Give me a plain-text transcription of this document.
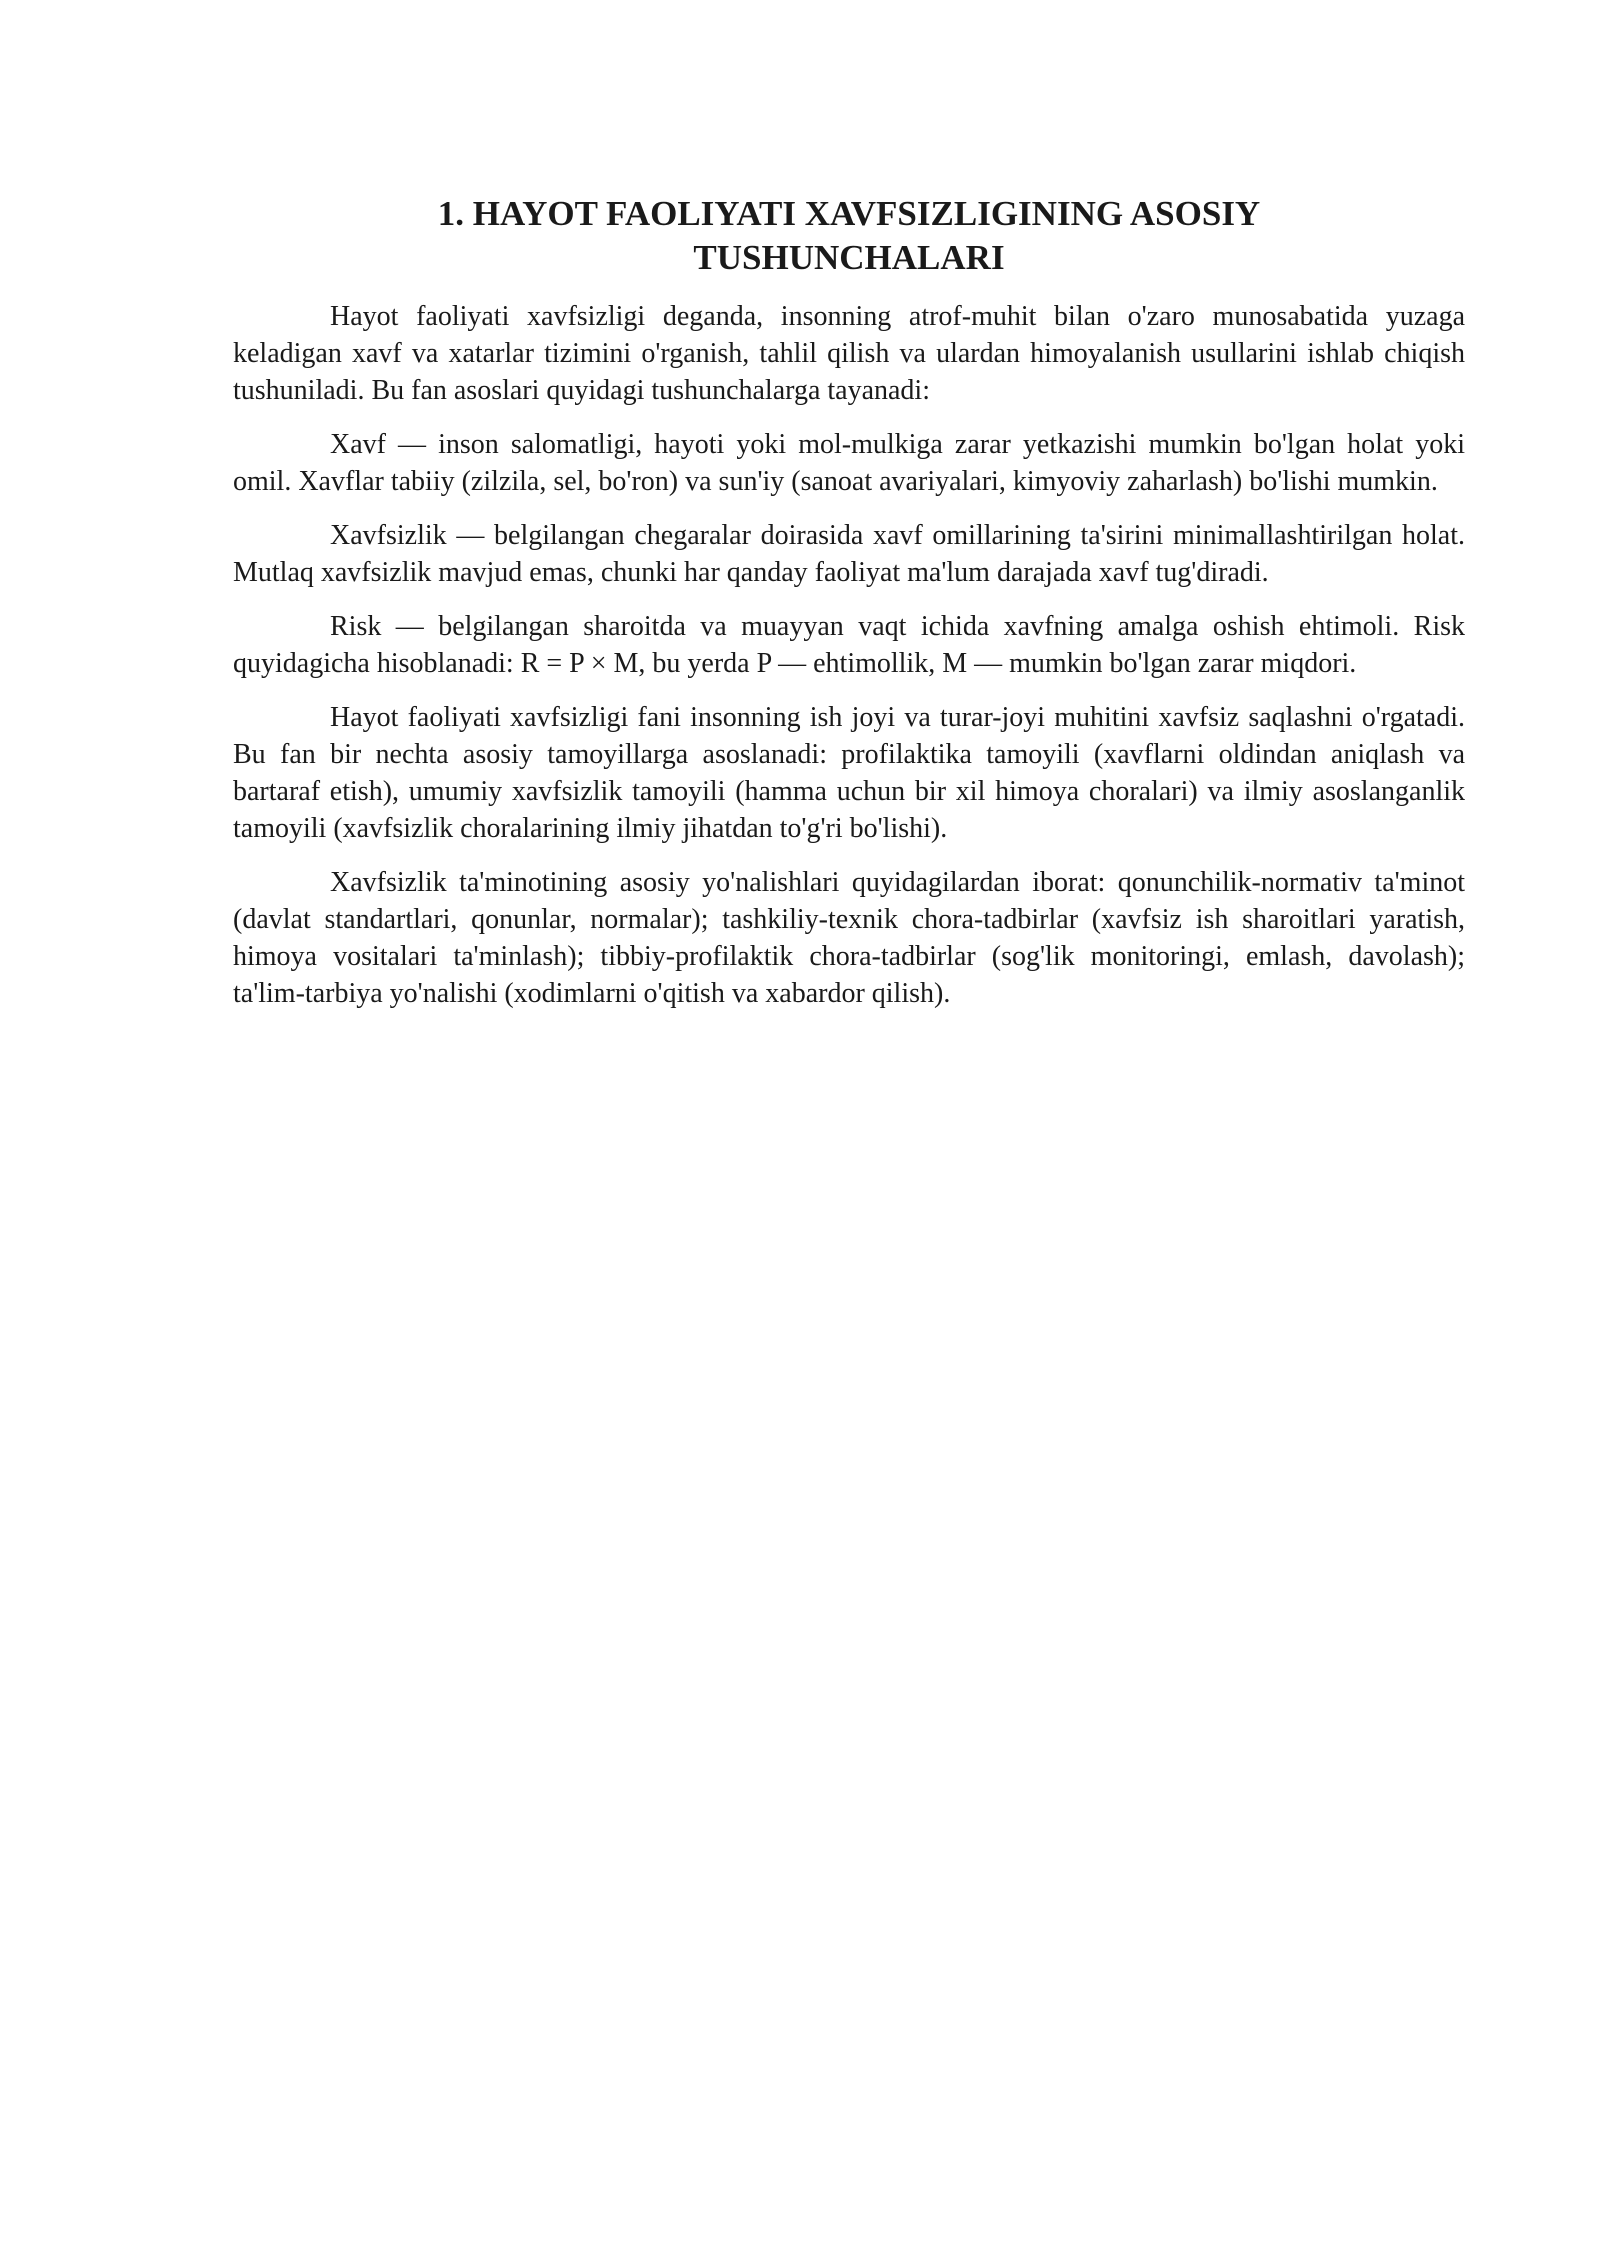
1. HAYOT FAOLIYATI XAVFSIZLIGINING ASOSIY
TUSHUNCHALARI

Hayot faoliyati xavfsizligi deganda, insonning atrof-muhit bilan o'zaro munosabatida yuzaga keladigan xavf va xatarlar tizimini o'rganish, tahlil qilish va ulardan himoyalanish usullarini ishlab chiqish tushuniladi. Bu fan asoslari quyidagi tushunchalarga tayanadi:

Xavf — inson salomatligi, hayoti yoki mol-mulkiga zarar yetkazishi mumkin bo'lgan holat yoki omil. Xavflar tabiiy (zilzila, sel, bo'ron) va sun'iy (sanoat avariyalari, kimyoviy zaharlash) bo'lishi mumkin.

Xavfsizlik — belgilangan chegaralar doirasida xavf omillarining ta'sirini minimallashtirilgan holat. Mutlaq xavfsizlik mavjud emas, chunki har qanday faoliyat ma'lum darajada xavf tug'diradi.

Risk — belgilangan sharoitda va muayyan vaqt ichida xavfning amalga oshish ehtimoli. Risk quyidagicha hisoblanadi: R = P × M, bu yerda P — ehtimollik, M — mumkin bo'lgan zarar miqdori.

Hayot faoliyati xavfsizligi fani insonning ish joyi va turar-joyi muhitini xavfsiz saqlashni o'rgatadi. Bu fan bir nechta asosiy tamoyillarga asoslanadi: profilaktika tamoyili (xavflarni oldindan aniqlash va bartaraf etish), umumiy xavfsizlik tamoyili (hamma uchun bir xil himoya choralari) va ilmiy asoslanganlik tamoyili (xavfsizlik choralarining ilmiy jihatdan to'g'ri bo'lishi).

Xavfsizlik ta'minotining asosiy yo'nalishlari quyidagilardan iborat: qonunchilik-normativ ta'minot (davlat standartlari, qonunlar, normalar); tashkiliy-texnik chora-tadbirlar (xavfsiz ish sharoitlari yaratish, himoya vositalari ta'minlash); tibbiy-profilaktik chora-tadbirlar (sog'lik monitoringi, emlash, davolash); ta'lim-tarbiya yo'nalishi (xodimlarni o'qitish va xabardor qilish).
